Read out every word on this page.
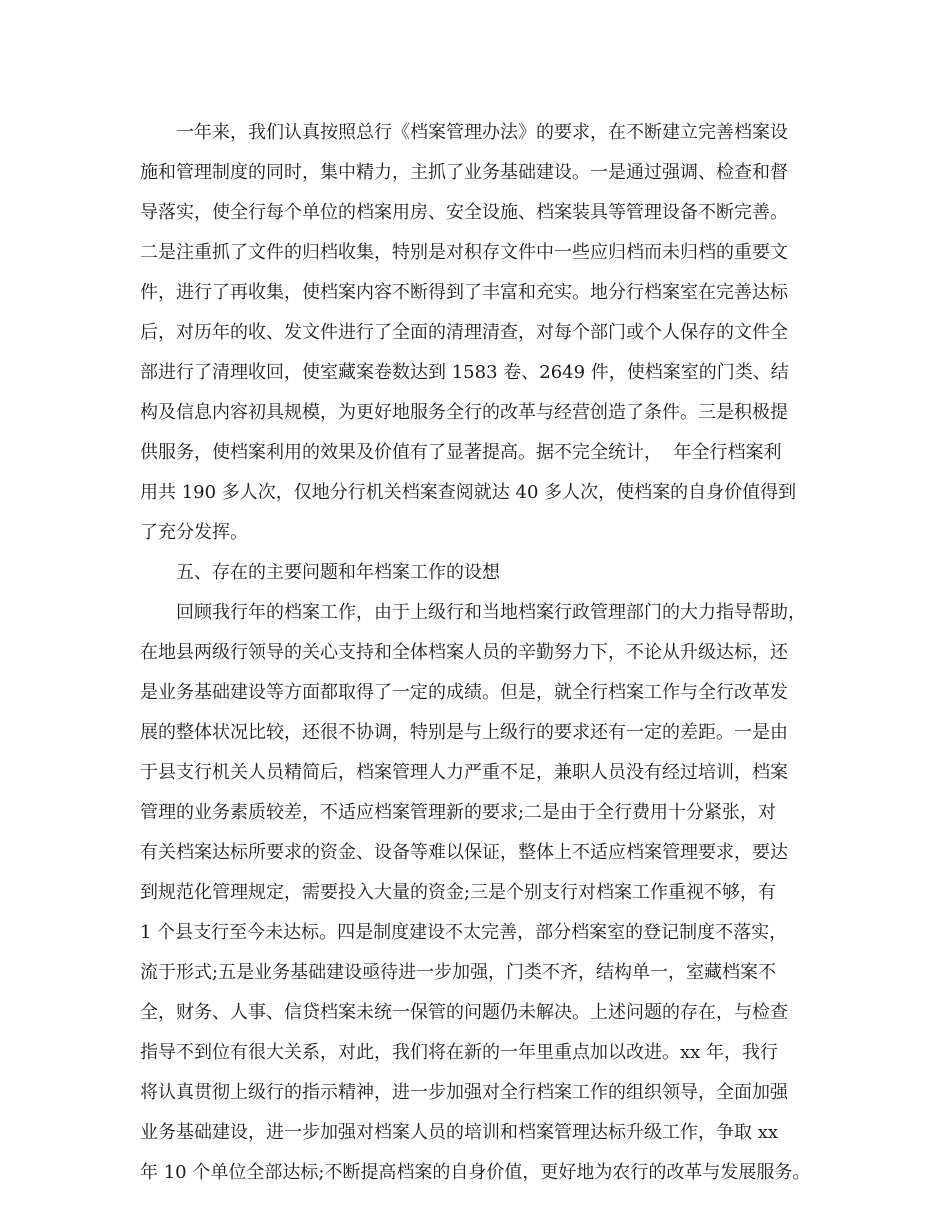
一年来，我们认真按照总行《档案管理办法》的要求，在不断建立完善档案设
施和管理制度的同时，集中精力，主抓了业务基础建设。一是通过强调、检查和督
导落实，使全行每个单位的档案用房、安全设施、档案装具等管理设备不断完善。
二是注重抓了文件的归档收集，特别是对积存文件中一些应归档而未归档的重要文
件，进行了再收集，使档案内容不断得到了丰富和充实。地分行档案室在完善达标
后，对历年的收、发文件进行了全面的清理清查，对每个部门或个人保存的文件全
部进行了清理收回，使室藏案卷数达到 1583 卷、2649 件，使档案室的门类、结
构及信息内容初具规模，为更好地服务全行的改革与经营创造了条件。三是积极提
供服务，使档案利用的效果及价值有了显著提高。据不完全统计，  年全行档案利
用共 190 多人次，仅地分行机关档案查阅就达 40 多人次，使档案的自身价值得到
了充分发挥。
五、存在的主要问题和年档案工作的设想
回顾我行年的档案工作，由于上级行和当地档案行政管理部门的大力指导帮助，
在地县两级行领导的关心支持和全体档案人员的辛勤努力下，不论从升级达标，还
是业务基础建设等方面都取得了一定的成绩。但是，就全行档案工作与全行改革发
展的整体状况比较，还很不协调，特别是与上级行的要求还有一定的差距。一是由
于县支行机关人员精简后，档案管理人力严重不足，兼职人员没有经过培训，档案
管理的业务素质较差，不适应档案管理新的要求;二是由于全行费用十分紧张，对
有关档案达标所要求的资金、设备等难以保证，整体上不适应档案管理要求，要达
到规范化管理规定，需要投入大量的资金;三是个别支行对档案工作重视不够，有
1 个县支行至今未达标。四是制度建设不太完善，部分档案室的登记制度不落实，
流于形式;五是业务基础建设亟待进一步加强，门类不齐，结构单一，室藏档案不
全，财务、人事、信贷档案未统一保管的问题仍未解决。上述问题的存在，与检查
指导不到位有很大关系，对此，我们将在新的一年里重点加以改进。xx 年，我行
将认真贯彻上级行的指示精神，进一步加强对全行档案工作的组织领导，全面加强
业务基础建设，进一步加强对档案人员的培训和档案管理达标升级工作，争取 xx
年 10 个单位全部达标;不断提高档案的自身价值，更好地为农行的改革与发展服务。
